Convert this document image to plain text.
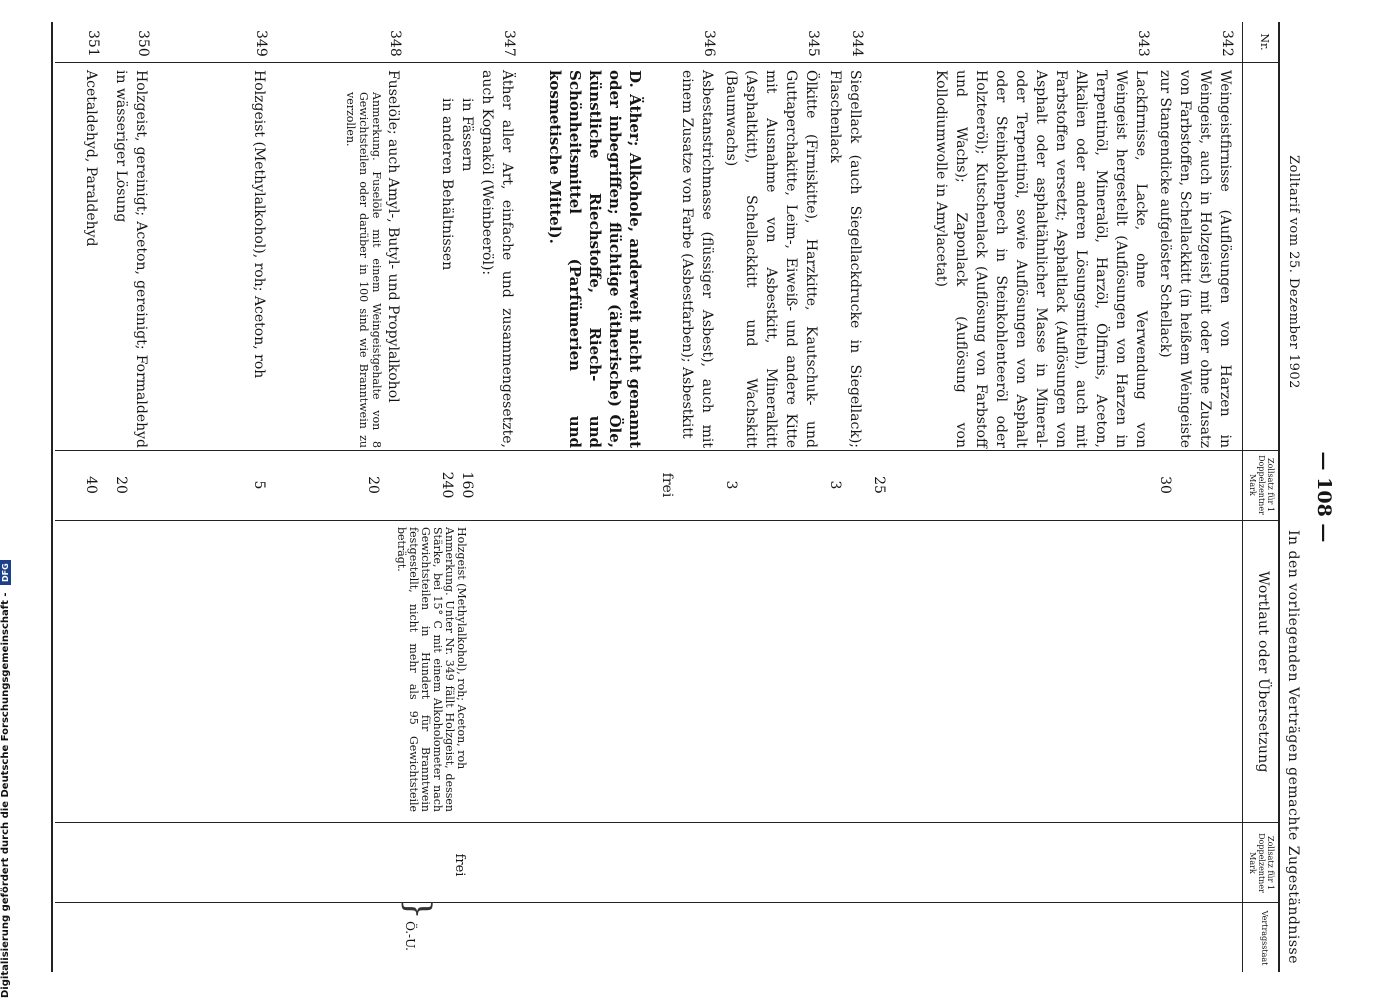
— 108 —
Zolltarif vom 25. Dezember 1902
In den vorliegenden Verträgen gemachte Zugeständnisse
Nr.
Zollsatz für 1 Doppelzentner Mark
Wortlaut oder Übersetzung
Zollsatz für 1 Doppelzentner Mark
Vertragsstaat
342
Weingeistfirnisse (Auflösungen von Harzen in Weingeist, auch in Holzgeist) mit oder ohne Zusatz von Farbstoffen, Schellackkitt (in heißem Weingeiste zur Stangendicke aufgelöster Schellack)
30
343
Lackfirnisse, Lacke, ohne Verwendung von Weingeist hergestellt (Auflösungen von Harzen in Terpentinöl, Mineralöl, Harzöl, Ölfirnis, Aceton, Alkalien oder anderen Lösungsmitteln), auch mit Farbstoffen versetzt; Asphaltlack (Auflösungen von Asphalt oder asphaltähnlicher Masse in Mineral- oder Terpentinöl, sowie Auflösungen von Asphalt oder Steinkohlenpech in Steinkohlenteeröl oder Holzteeröl); Kutschenlack (Auflösung von Farbstoff und Wachs); Zaponlack (Auflösung von Kollodiumwolle in Amylacetat)
25
344
Siegellack (auch Siegellackdrucke in Siegellack); Flaschenlack
3
345
Ölkitte (Firniskitte), Harzkitte, Kautschuk- und Guttaperchakitte, Leim-, Eiweiß- und andere Kitte mit Ausnahme von Asbestkitt, Mineralkitt (Asphaltkitt), Schellackkitt und Wachskitt (Baumwachs)
3
346
Asbestanstrichmasse (flüssiger Asbest), auch mit einem Zusatze von Farbe (Asbestfarben); Asbestkitt
frei
D. Äther; Alkohole, anderweit nicht genannt oder inbegriffen; flüchtige (ätherische) Öle, künstliche Riechstoffe, Riech- und Schönheitsmittel (Parfümerien und kosmetische Mittel).
347
Äther aller Art, einfache und zusammengesetzte, auch Kognaköl (Weinbeeröl):
in Fässern
in anderen Behältnissen
160
240
348
Fuselöle; auch Amyl-, Butyl- und Propylalkohol
Anmerkung. Fuselöle mit einem Weingeistgehalte von 8 Gewichtsteilen oder darüber in 100 sind wie Branntwein zu verzollen.
20
349
Holzgeist (Methylalkohol), roh; Aceton, roh
5
350
Holzgeist, gereinigt; Aceton, gereinigt; Formaldehyd in wässeriger Lösung
20
351
Acetaldehyd, Paraldehyd
40
Holzgeist (Methylalkohol), roh; Aceton, roh
Anmerkung. Unter Nr. 349 fällt Holzgeist, dessen Stärke, bei 15° C mit einem Alkoholometer nach Gewichtsteilen in Hundert für Branntwein festgestellt, nicht mehr als 95 Gewichtsteile beträgt.
frei
}
Ö.-U.
Digitalisierung gefördert durch die Deutsche Forschungsgemeinschaft - DFG
